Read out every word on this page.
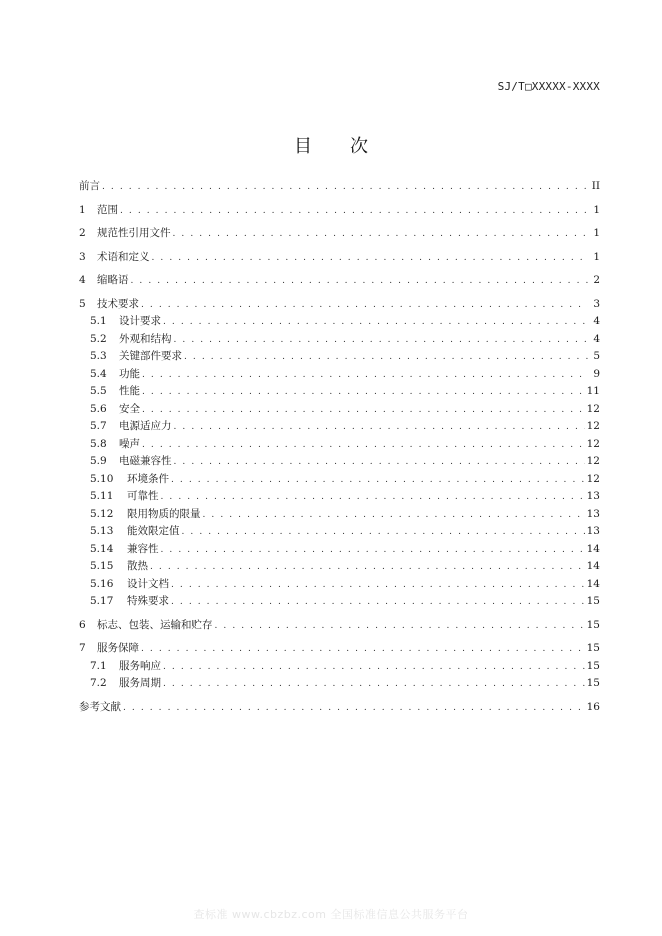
SJ/T□XXXXX-XXXX
目次
前言 . . .	II
1	范围 . . .	1
2	规范性引用文件 . . .	1
3	术语和定义 . . .	1
4	缩略语 . . .	2
5	技术要求 . . .	3
5.1	设计要求 . . .	4
5.2	外观和结构 . . .	4
5.3	关键部件要求 . . .	5
5.4	功能 . . .	9
5.5	性能 . . .	11
5.6	安全 . . .	12
5.7	电源适应力 . . .	12
5.8	噪声 . . .	12
5.9	电磁兼容性 . . .	12
5.10	环境条件 . . .	12
5.11	可靠性 . . .	13
5.12	限用物质的限量 . . .	13
5.13	能效限定值 . . .	13
5.14	兼容性 . . .	14
5.15	散热 . . .	14
5.16	设计文档 . . .	14
5.17	特殊要求 . . .	15
6	标志、包装、运输和贮存 . . .	15
7	服务保障 . . .	15
7.1	服务响应 . . .	15
7.2	服务周期 . . .	15
参考文献 . . .	16
查标准 www.cbzbz.com 全国标准信息公共服务平台
